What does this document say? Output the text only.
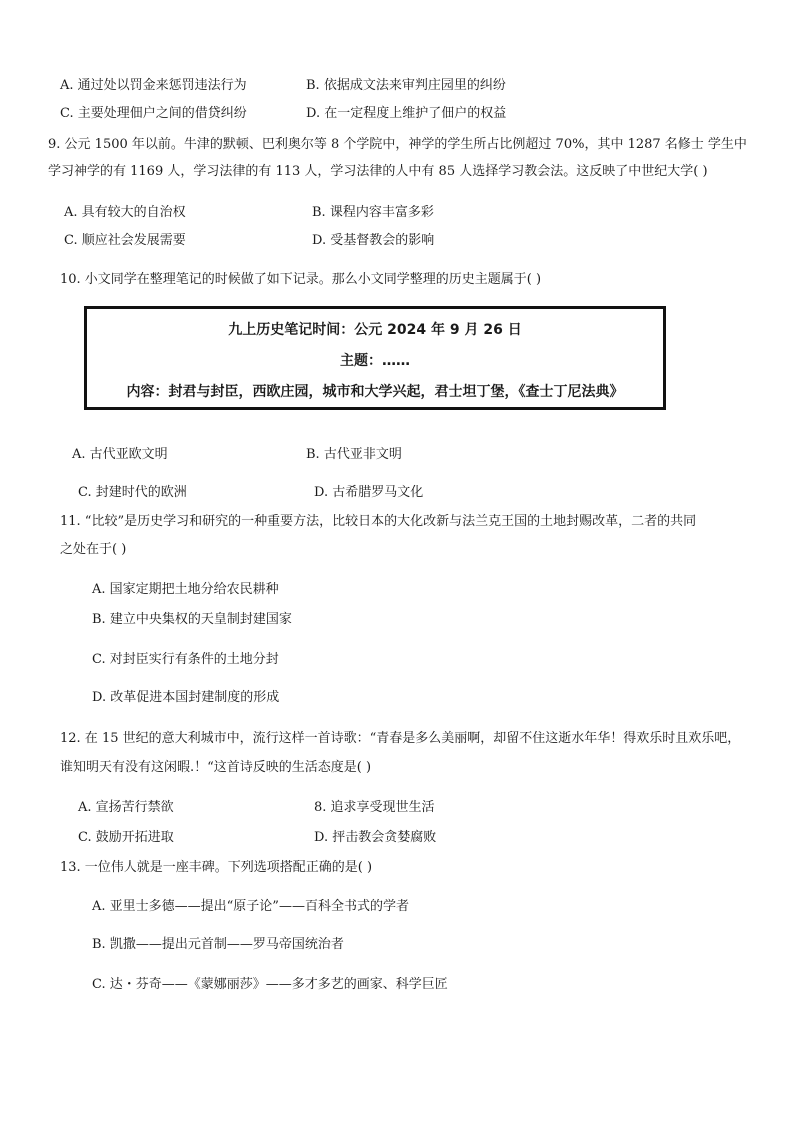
A. 通过处以罚金来惩罚违法行为	B. 依据成文法来审判庄园里的纠纷
C. 主要处理佃户之间的借贷纠纷	D. 在一定程度上维护了佃户的权益
9. 公元 1500 年以前。牛津的默顿、巴利奥尔等 8 个学院中，神学的学生所占比例超过 70%，其中 1287 名修士 学生中
学习神学的有 1169 人，学习法律的有 113 人，学习法律的人中有 85 人选择学习教会法。这反映了中世纪大学( )
A. 具有较大的自治权	B. 课程内容丰富多彩
C. 顺应社会发展需要	D. 受基督教会的影响
10. 小文同学在整理笔记的时候做了如下记录。那么小文同学整理的历史主题属于( )
九上历史笔记时间：公元 2024 年 9 月 26 日
主题：……
内容：封君与封臣，西欧庄园，城市和大学兴起，君士坦丁堡，《查士丁尼法典》
A. 古代亚欧文明	B. 古代亚非文明
C. 封建时代的欧洲	D. 古希腊罗马文化
11. “比较”是历史学习和研究的一种重要方法，比较日本的大化改新与法兰克王国的土地封赐改革，二者的共同
之处在于( )
A. 国家定期把土地分给农民耕种
B. 建立中央集权的天皇制封建国家
C. 对封臣实行有条件的土地分封
D. 改革促进本国封建制度的形成
12. 在 15 世纪的意大利城市中，流行这样一首诗歌：“青春是多么美丽啊，却留不住这逝水年华！得欢乐时且欢乐吧，
谁知明天有没有这闲暇.！“这首诗反映的生活态度是( )
A. 宣扬苦行禁欲	8. 追求享受现世生活
C. 鼓励开拓进取	D. 抨击教会贪婪腐败
13. 一位伟人就是一座丰碑。下列选项搭配正确的是( )
A. 亚里士多德——提出“原子论”——百科全书式的学者
B. 凯撒——提出元首制——罗马帝国统治者
C. 达・芬奇——《蒙娜丽莎》——多才多艺的画家、科学巨匠
